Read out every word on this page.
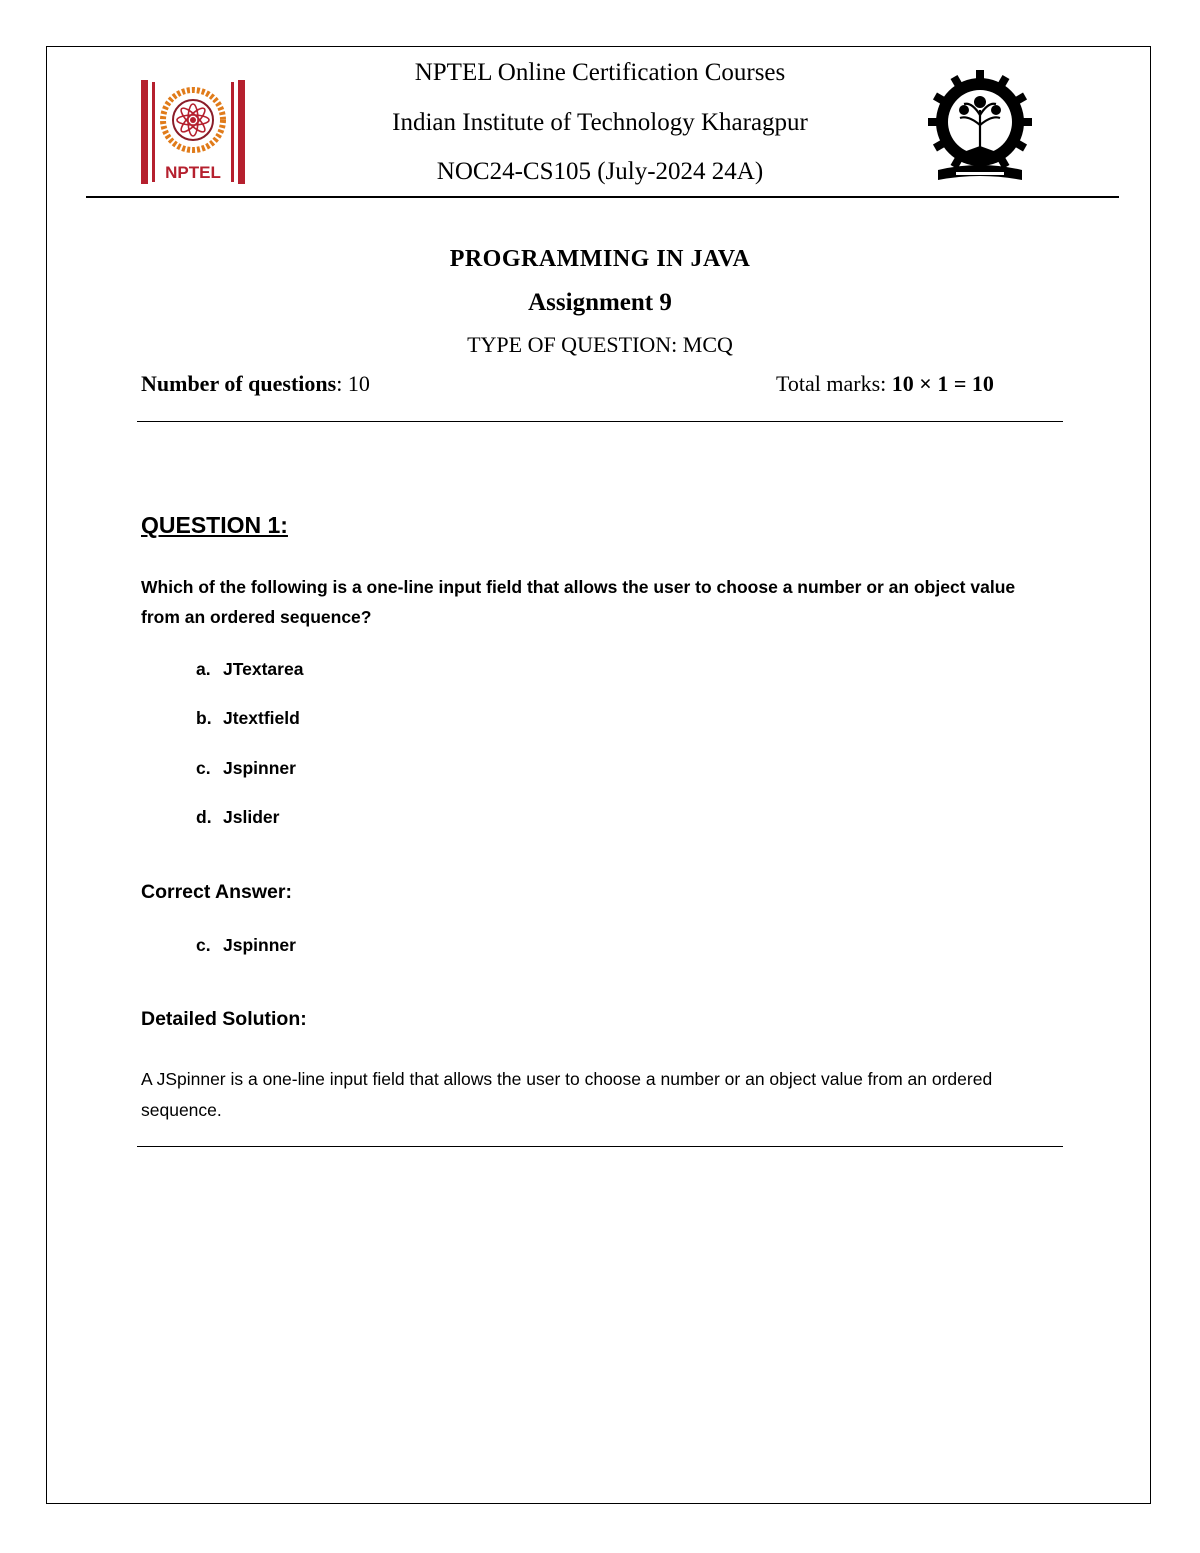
NPTEL
NPTEL Online Certification Courses
Indian Institute of Technology Kharagpur
NOC24-CS105 (July-2024 24A)
PROGRAMMING IN JAVA
Assignment 9
TYPE OF QUESTION: MCQ
Number of questions: 10	Total marks: 10 × 1 = 10
QUESTION 1:
Which of the following is a one-line input field that allows the user to choose a number or an object value from an ordered sequence?
a. JTextarea
b. Jtextfield
c. Jspinner
d. Jslider
Correct Answer:
c. Jspinner
Detailed Solution:
A JSpinner is a one-line input field that allows the user to choose a number or an object value from an ordered sequence.
